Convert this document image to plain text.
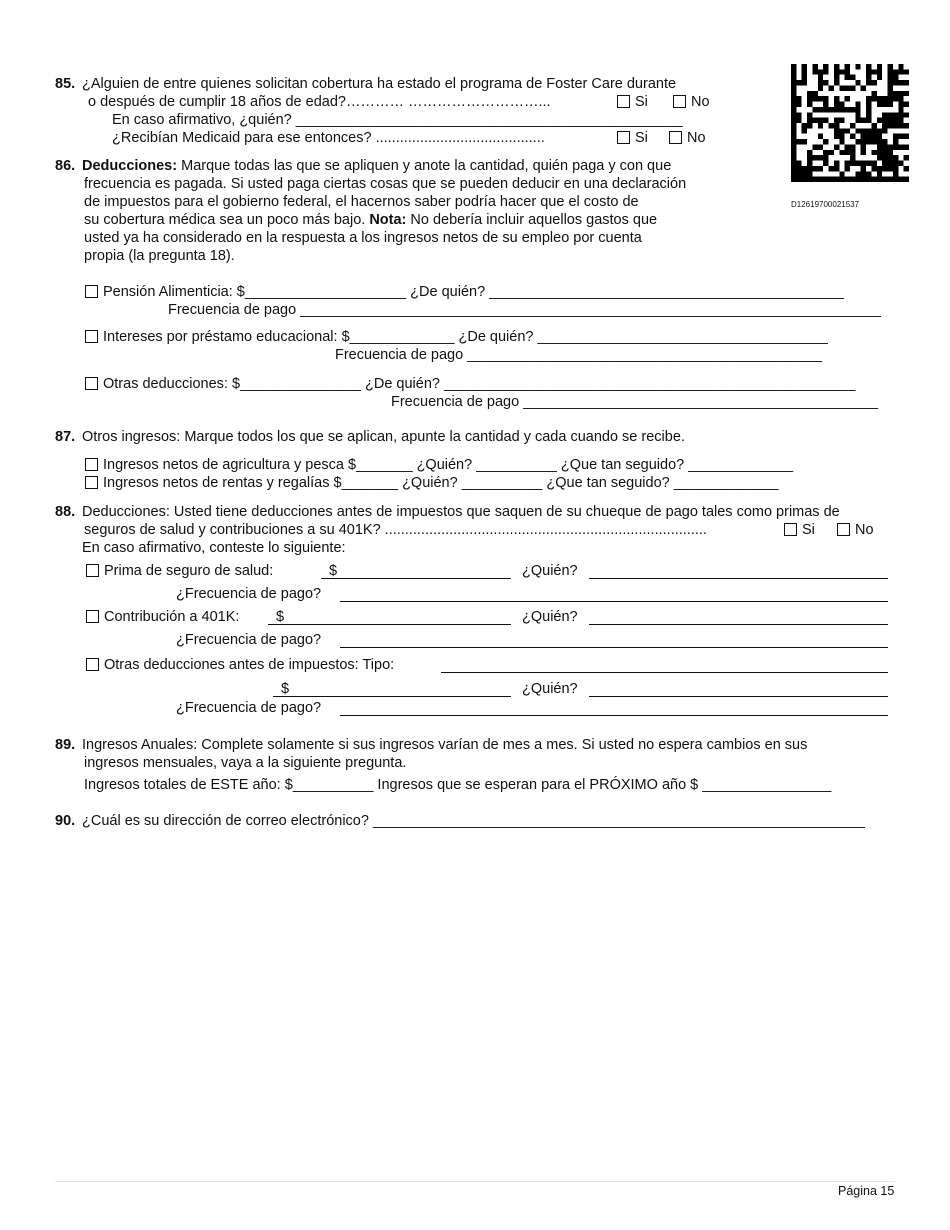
D12619700021537
85. ¿Alguien de entre quienes solicitan cobertura ha estado el programa de Foster Care durante
o después de cumplir 18 años de edad?………… ………………………...	Si	No
En caso afirmativo, ¿quién? ________________________________________________
¿Recibían Medicaid para ese entonces? ..........................................	Si	No
86. Deducciones: Marque todas las que se apliquen y anote la cantidad, quién paga y con que
frecuencia es pagada. Si usted paga ciertas cosas que se pueden deducir en una declaración
de impuestos para el gobierno federal, el hacernos saber podría hacer que el costo de
su cobertura médica sea un poco más bajo. Nota: No debería incluir aquellos gastos que
usted ya ha considerado en la respuesta a los ingresos netos de su empleo por cuenta
propia (la pregunta 18).
Pensión Alimenticia: $____________________ ¿De quién? ____________________________________________
Frecuencia de pago ________________________________________________________________________
Intereses por préstamo educacional: $_____________ ¿De quién? ____________________________________
Frecuencia de pago ____________________________________________
Otras deducciones: $_______________ ¿De quién? ___________________________________________________
Frecuencia de pago ____________________________________________
87. Otros ingresos: Marque todos los que se aplican, apunte la cantidad y cada cuando se recibe.
Ingresos netos de agricultura y pesca $_______ ¿Quién? __________ ¿Que tan seguido? _____________
Ingresos netos de rentas y regalías $_______ ¿Quién? __________ ¿Que tan seguido? _____________
88. Deducciones: Usted tiene deducciones antes de impuestos que saquen de su chueque de pago tales como primas de
seguros de salud y contribuciones a su 401K? ................................................................................	Si	No
En caso afirmativo, conteste lo siguiente:
Prima de seguro de salud:	$	¿Quién?
¿Frecuencia de pago?
Contribución a 401K:	$	¿Quién?
¿Frecuencia de pago?
Otras deducciones antes de impuestos: Tipo:
$	¿Quién?
¿Frecuencia de pago?
89. Ingresos Anuales: Complete solamente si sus ingresos varían de mes a mes. Si usted no espera cambios en sus
ingresos mensuales, vaya a la siguiente pregunta.
Ingresos totales de ESTE año: $__________ Ingresos que se esperan para el PRÓXIMO año $ ________________
90. ¿Cuál es su dirección de correo electrónico? _____________________________________________________________
Página 15
